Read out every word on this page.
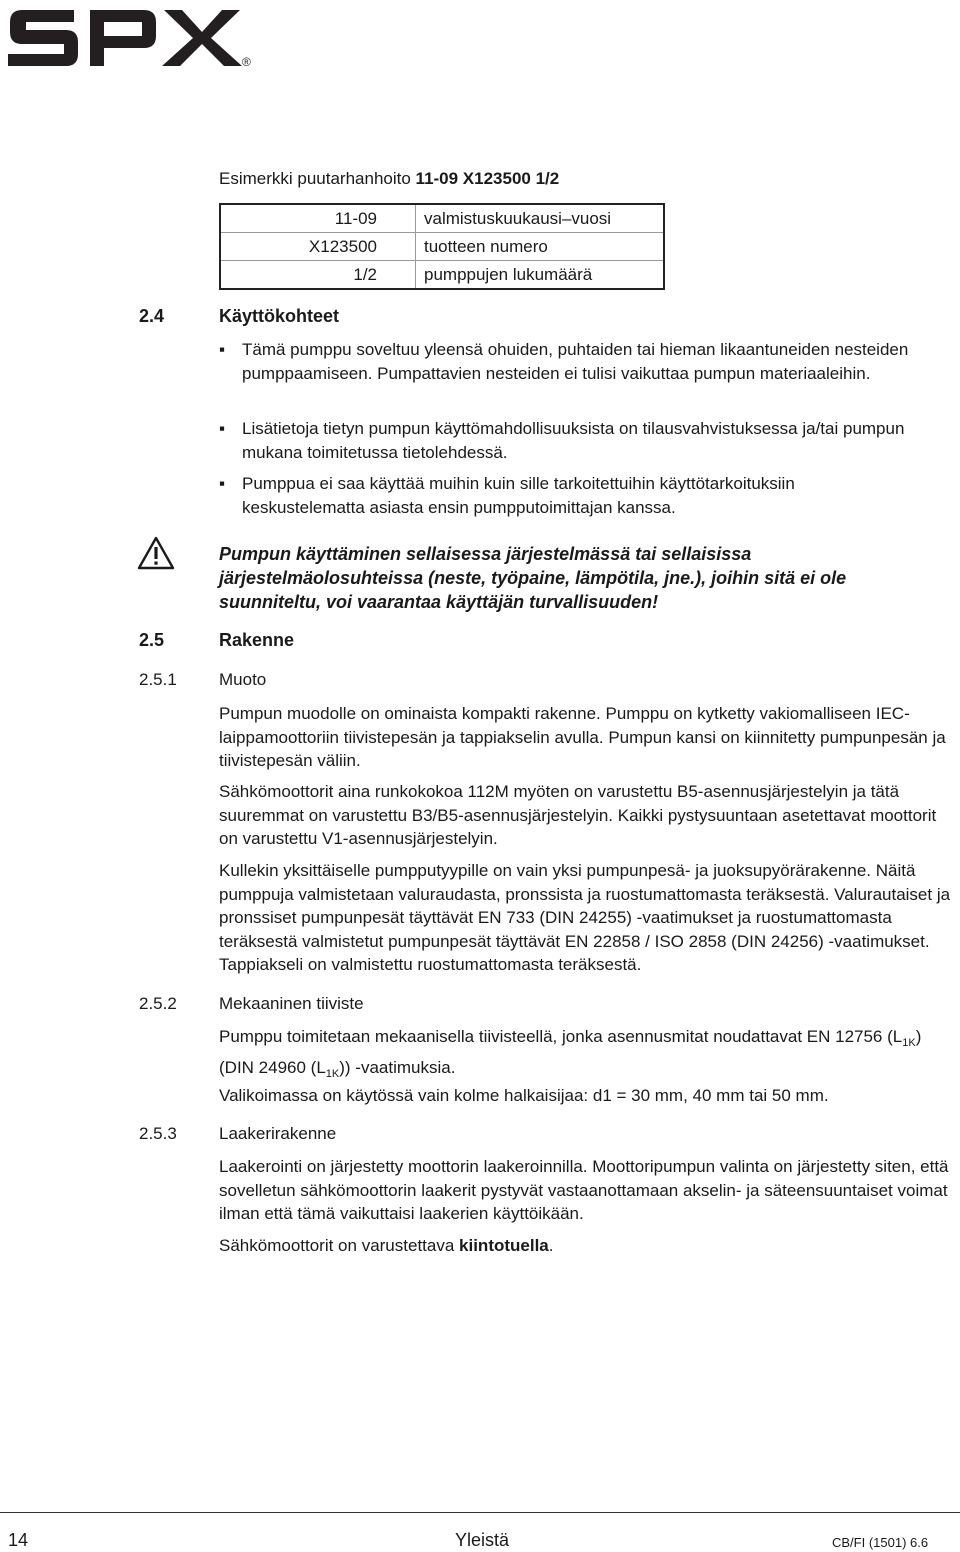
®
Esimerkki puutarhanhoito 11-09 X123500 1/2
11-09	valmistuskuukausi–vuosi
X123500	tuotteen numero
1/2	pumppujen lukumäärä
2.4	Käyttökohteet
▪ Tämä pumppu soveltuu yleensä ohuiden, puhtaiden tai hieman likaantuneiden nesteiden pumppaamiseen. Pumpattavien nesteiden ei tulisi vaikuttaa pumpun materiaaleihin.
▪ Lisätietoja tietyn pumpun käyttömahdollisuuksista on tilausvahvistuksessa ja/tai pumpun mukana toimitetussa tietolehdessä.
▪ Pumppua ei saa käyttää muihin kuin sille tarkoitettuihin käyttötarkoituksiin keskustelematta asiasta ensin pumpputoimittajan kanssa.
Pumpun käyttäminen sellaisessa järjestelmässä tai sellaisissa järjestelmäolosuhteissa (neste, työpaine, lämpötila, jne.), joihin sitä ei ole suunniteltu, voi vaarantaa käyttäjän turvallisuuden!
2.5	Rakenne
2.5.1 Muoto
Pumpun muodolle on ominaista kompakti rakenne. Pumppu on kytketty vakiomalliseen IEC-laippamoottoriin tiivistepesän ja tappiakselin avulla. Pumpun kansi on kiinnitetty pumpunpesän ja tiivistepesän väliin.
Sähkömoottorit aina runkokokoa 112M myöten on varustettu B5-asennusjärjestelyin ja tätä suuremmat on varustettu B3/B5-asennusjärjestelyin. Kaikki pystysuuntaan asetettavat moottorit on varustettu V1-asennusjärjestelyin.
Kullekin yksittäiselle pumpputyypille on vain yksi pumpunpesä- ja juoksupyörärakenne. Näitä pumppuja valmistetaan valuraudasta, pronssista ja ruostumattomasta teräksestä. Valurautaiset ja pronssiset pumpunpesät täyttävät EN 733 (DIN 24255) -vaatimukset ja ruostumattomasta teräksestä valmistetut pumpunpesät täyttävät EN 22858 / ISO 2858 (DIN 24256) -vaatimukset. Tappiakseli on valmistettu ruostumattomasta teräksestä.
2.5.2 Mekaaninen tiiviste
Pumppu toimitetaan mekaanisella tiivisteellä, jonka asennusmitat noudattavat EN 12756 $(L_{1K})$ (DIN 24960 $(L_{1K})$) -vaatimuksia.
Valikoimassa on käytössä vain kolme halkaisijaa: d1 = 30 mm, 40 mm tai 50 mm.
2.5.3 Laakerirakenne
Laakerointi on järjestetty moottorin laakeroinnilla. Moottoripumpun valinta on järjestetty siten, että sovelletun sähkömoottorin laakerit pystyvät vastaanottamaan akselin- ja säteensuuntaiset voimat ilman että tämä vaikuttaisi laakerien käyttöikään.
Sähkömoottorit on varustettava kiintotuella.
14	Yleistä	CB/FI (1501) 6.6
